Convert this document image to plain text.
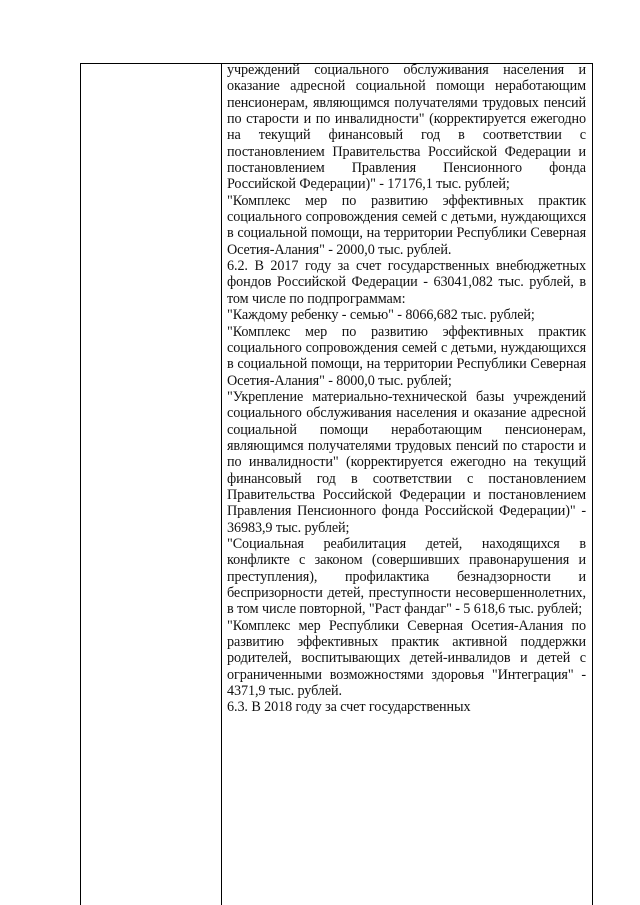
учреждений социального обслуживания населения и оказание адресной социальной помощи неработающим пенсионерам, являющимся получателями трудовых пенсий по старости и по инвалидности" (корректируется ежегодно на текущий финансовый год в соответствии с постановлением Правительства Российской Федерации и постановлением Правления Пенсионного фонда Российской Федерации)" - 17176,1 тыс. рублей;

"Комплекс мер по развитию эффективных практик социального сопровождения семей с детьми, нуждающихся в социальной помощи, на территории Республики Северная Осетия-Алания" - 2000,0 тыс. рублей.

6.2. В 2017 году за счет государственных внебюджетных фондов Российской Федерации - 63041,082 тыс. рублей, в том числе по подпрограммам:

"Каждому ребенку - семью" - 8066,682 тыс. рублей;

"Комплекс мер по развитию эффективных практик социального сопровождения семей с детьми, нуждающихся в социальной помощи, на территории Республики Северная Осетия-Алания" - 8000,0 тыс. рублей;

"Укрепление материально-технической базы учреждений социального обслуживания населения и оказание адресной социальной помощи неработающим пенсионерам, являющимся получателями трудовых пенсий по старости и по инвалидности" (корректируется ежегодно на текущий финансовый год в соответствии с постановлением Правительства Российской Федерации и постановлением Правления Пенсионного фонда Российской Федерации)" - 36983,9 тыс. рублей;

"Социальная реабилитация детей, находящихся в конфликте с законом (совершивших правонарушения и преступления), профилактика безнадзорности и беспризорности детей, преступности несовершеннолетних, в том числе повторной, "Раст фандаг" - 5 618,6 тыс. рублей;

"Комплекс мер Республики Северная Осетия-Алания по развитию эффективных практик активной поддержки родителей, воспитывающих детей-инвалидов и детей с ограниченными возможностями здоровья "Интеграция" - 4371,9 тыс. рублей.

6.3. В 2018 году за счет государственных
